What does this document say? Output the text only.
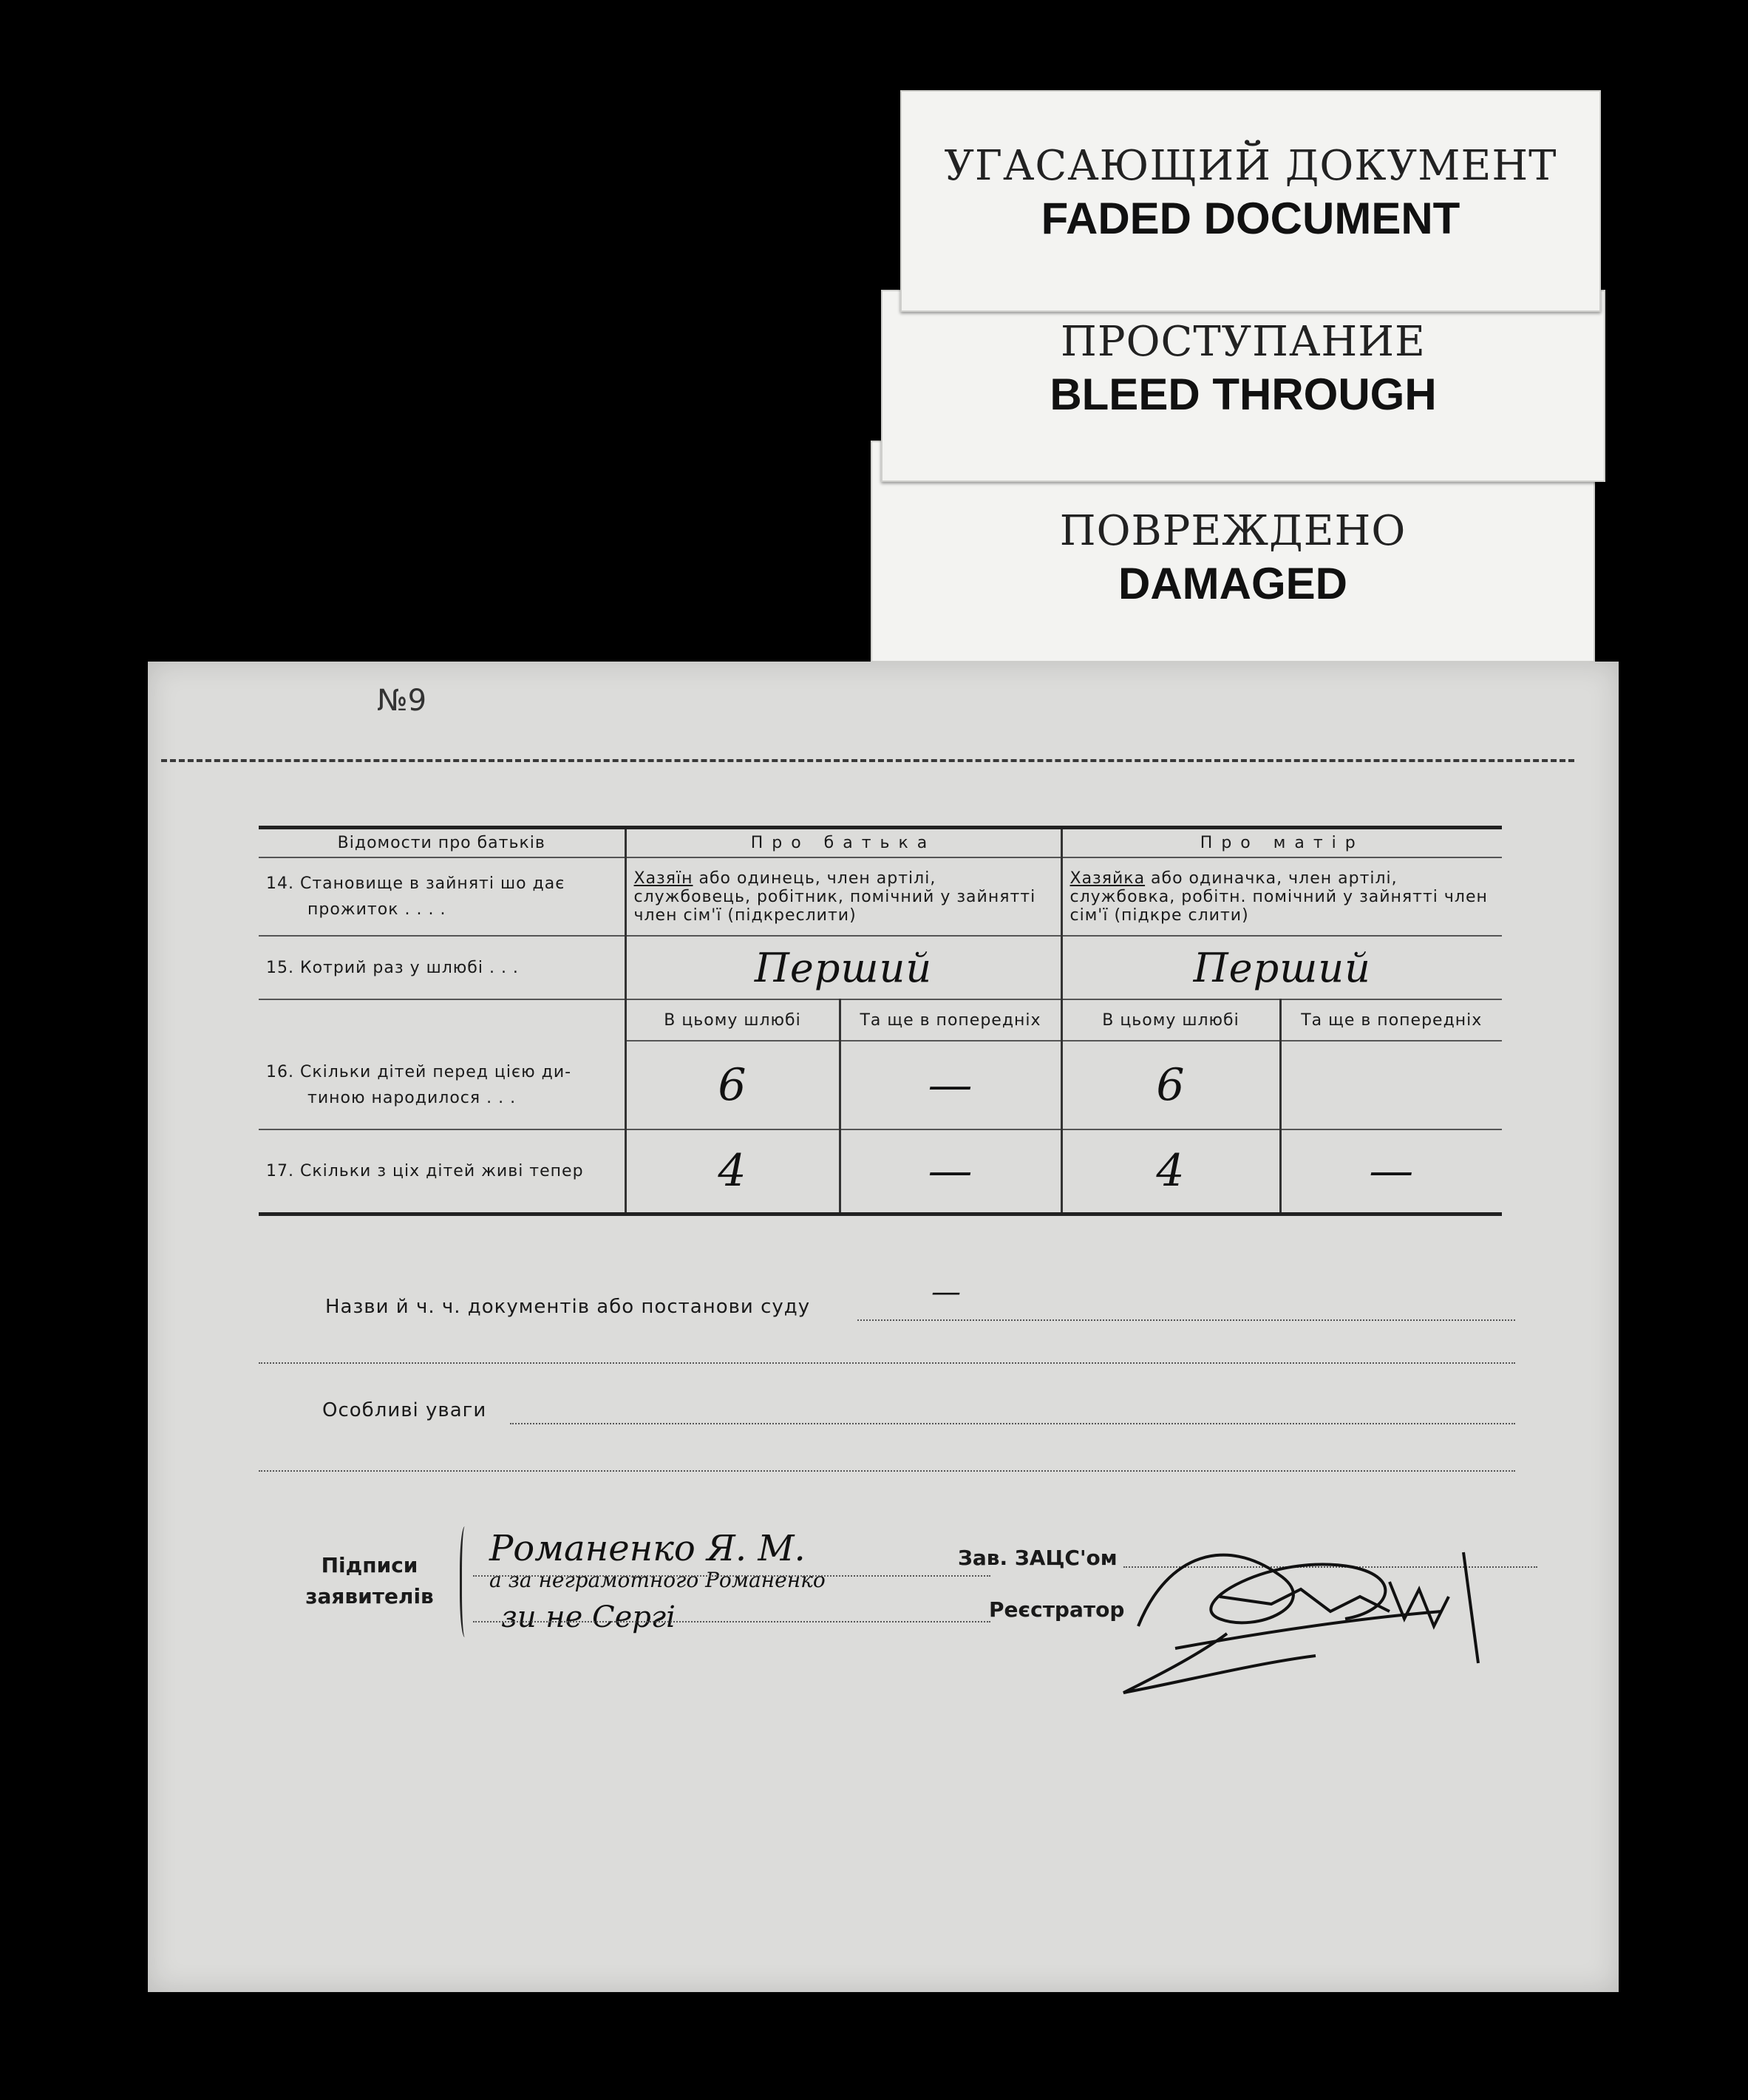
ПОВРЕЖДЕНО
DAMAGED
ПРОСТУПАНИЕ
BLEED THROUGH
УГАСАЮЩИЙ ДОКУМЕНТ
FADED DOCUMENT
№9
Відомости про батьків	Про батька		Про матір	

14. Становище в зайняті шо дає
прожиток . . . .	Хазяїн або одинець, член артілі, службовець, робітник, помічний у зайнятті член сім'ї (підкреслити)		Хазяйка або одиначка, член артілі, службовка, робітн. помічний у зайнятті член сім'ї (підкре слити)	
15. Котрий раз у шлюбі . . .	Перший		Перший	
	В цьому шлюбі	Та ще в попередніх	В цьому шлюбі	Та ще в попередніх

16. Скільки дітей перед цією ди-
тиною народилося . . .	6	—	6	
17. Скільки з ціх дітей живі тепер	4	—	4	—
Назви й ч. ч. документів або постанови суду	—
Особливі уваги
Підписи заявителів
Романенко Я. М.
а за неграмотного Романенко
зи не Сергі
Зав. ЗАЦС'ом
Реєстратор
